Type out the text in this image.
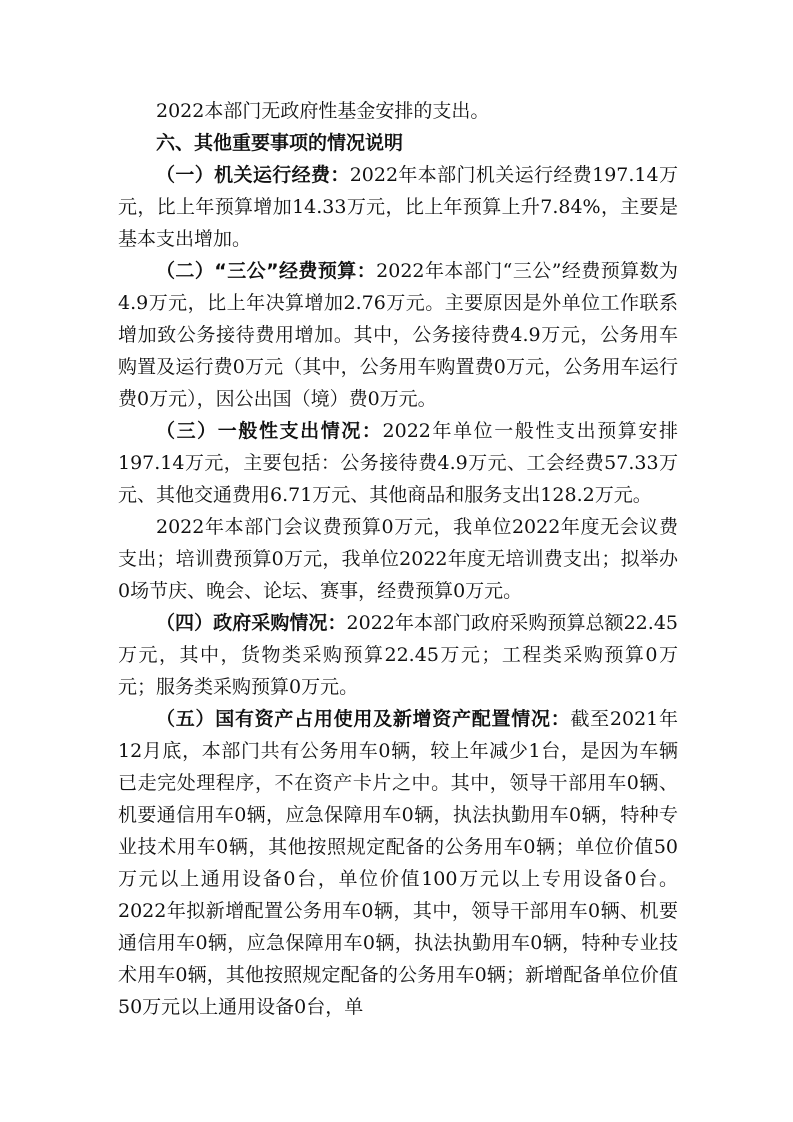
2022本部门无政府性基金安排的支出。

六、其他重要事项的情况说明

（一）机关运行经费：2022年本部门机关运行经费197.14万元，比上年预算增加14.33万元，比上年预算上升7.84%，主要是基本支出增加。

（二）“三公”经费预算：2022年本部门“三公”经费预算数为4.9万元，比上年决算增加2.76万元。主要原因是外单位工作联系增加致公务接待费用增加。其中，公务接待费4.9万元，公务用车购置及运行费0万元（其中，公务用车购置费0万元，公务用车运行费0万元），因公出国（境）费0万元。

（三）一般性支出情况：2022年单位一般性支出预算安排197.14万元，主要包括：公务接待费4.9万元、工会经费57.33万元、其他交通费用6.71万元、其他商品和服务支出128.2万元。

2022年本部门会议费预算0万元，我单位2022年度无会议费支出；培训费预算0万元，我单位2022年度无培训费支出；拟举办0场节庆、晚会、论坛、赛事，经费预算0万元。

（四）政府采购情况：2022年本部门政府采购预算总额22.45万元，其中，货物类采购预算22.45万元；工程类采购预算0万元；服务类采购预算0万元。

（五）国有资产占用使用及新增资产配置情况：截至2021年12月底，本部门共有公务用车0辆，较上年减少1台，是因为车辆已走完处理程序，不在资产卡片之中。其中，领导干部用车0辆、机要通信用车0辆，应急保障用车0辆，执法执勤用车0辆，特种专业技术用车0辆，其他按照规定配备的公务用车0辆；单位价值50万元以上通用设备0台，单位价值100万元以上专用设备0台。2022年拟新增配置公务用车0辆，其中，领导干部用车0辆、机要通信用车0辆，应急保障用车0辆，执法执勤用车0辆，特种专业技术用车0辆，其他按照规定配备的公务用车0辆；新增配备单位价值50万元以上通用设备0台，单
